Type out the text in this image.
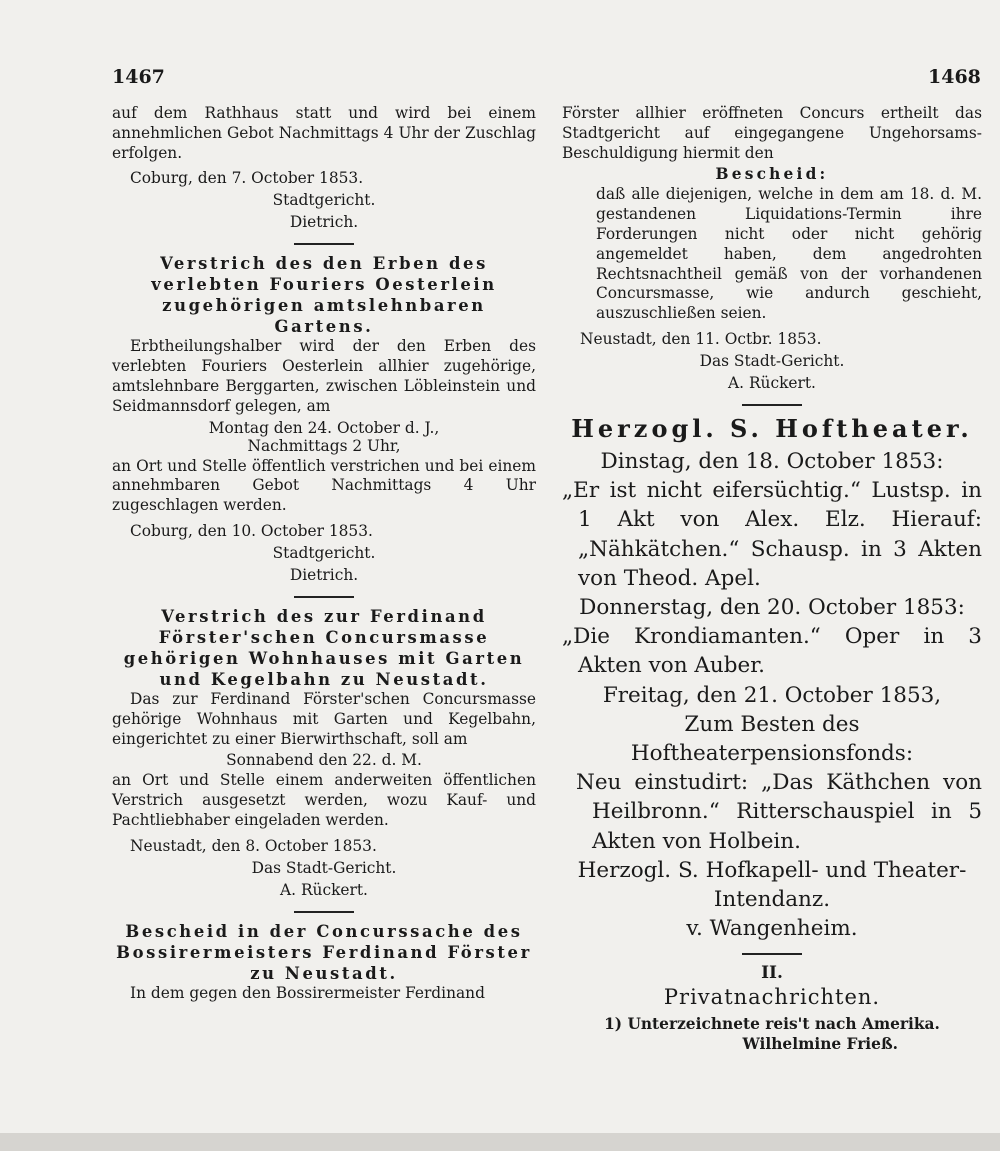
1467	1468

auf dem Rathhaus statt und wird bei einem annehmlichen Gebot Nachmittags 4 Uhr der Zuschlag erfolgen.

Coburg, den 7. October 1853.

Stadtgericht.

Dietrich.

Verstrich des den Erben des verlebten Fouriers Oesterlein zugehörigen amtslehnbaren Gartens.

Erbtheilungshalber wird der den Erben des verlebten Fouriers Oesterlein allhier zugehörige, amtslehnbare Berggarten, zwischen Löbleinstein und Seidmannsdorf gelegen, am

Montag den 24. October d. J.,

Nachmittags 2 Uhr,

an Ort und Stelle öffentlich verstrichen und bei einem annehmbaren Gebot Nachmittags 4 Uhr zugeschlagen werden.

Coburg, den 10. October 1853.

Stadtgericht.

Dietrich.

Verstrich des zur Ferdinand Förster'schen Concursmasse gehörigen Wohnhauses mit Garten und Kegelbahn zu Neustadt.

Das zur Ferdinand Förster'schen Concursmasse gehörige Wohnhaus mit Garten und Kegelbahn, eingerichtet zu einer Bierwirthschaft, soll am

Sonnabend den 22. d. M.

an Ort und Stelle einem anderweiten öffentlichen Verstrich ausgesetzt werden, wozu Kauf- und Pachtliebhaber eingeladen werden.

Neustadt, den 8. October 1853.

Das Stadt-Gericht.

A. Rückert.

Bescheid in der Concurssache des Bossirermeisters Ferdinand Förster zu Neustadt.

In dem gegen den Bossirermeister Ferdinand

Förster allhier eröffneten Concurs ertheilt das Stadtgericht auf eingegangene Ungehorsams-Beschuldigung hiermit den

Bescheid:

daß alle diejenigen, welche in dem am 18. d. M. gestandenen Liquidations-Termin ihre Forderungen nicht oder nicht gehörig angemeldet haben, dem angedrohten Rechtsnachtheil gemäß von der vorhandenen Concursmasse, wie andurch geschieht, auszuschließen seien.

Neustadt, den 11. Octbr. 1853.

Das Stadt-Gericht.

A. Rückert.

Herzogl. S. Hoftheater.

Dinstag, den 18. October 1853:

„Er ist nicht eifersüchtig.“ Lustsp. in 1 Akt von Alex. Elz. Hierauf: „Nähkätchen.“ Schausp. in 3 Akten von Theod. Apel.

Donnerstag, den 20. October 1853:

„Die Krondiamanten.“ Oper in 3 Akten von Auber.

Freitag, den 21. October 1853,

Zum Besten des Hoftheaterpensionsfonds:

Neu einstudirt: „Das Käthchen von Heilbronn.“ Ritterschauspiel in 5 Akten von Holbein.

Herzogl. S. Hofkapell- und Theater-

Intendanz.

v. Wangenheim.

II.

Privatnachrichten.

1) Unterzeichnete reis't nach Amerika.

Wilhelmine Frieß.
